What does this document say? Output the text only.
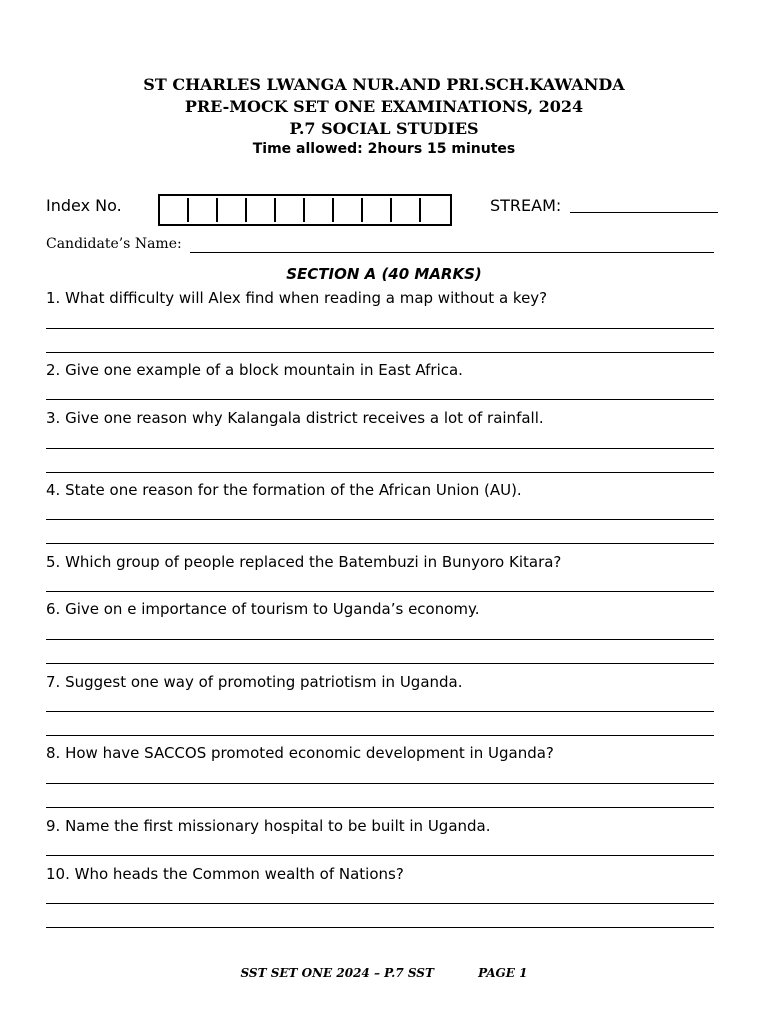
ST CHARLES LWANGA NUR.AND PRI.SCH.KAWANDA
PRE-MOCK SET ONE EXAMINATIONS, 2024
P.7 SOCIAL STUDIES
Time allowed: 2hours 15 minutes
Index No.	STREAM:
Candidate’s Name:
SECTION A (40 MARKS)
1. What difficulty will Alex find when reading a map without a key?
2. Give one example of a block mountain in East Africa.
3. Give one reason why Kalangala district receives a lot of rainfall.
4. State one reason for the formation of the African Union (AU).
5. Which group of people replaced the Batembuzi in Bunyoro Kitara?
6. Give on e importance of tourism to Uganda’s economy.
7. Suggest one way of promoting patriotism in Uganda.
8. How have SACCOS promoted economic development in Uganda?
9. Name the first missionary hospital to be built in Uganda.
10. Who heads the Common wealth of Nations?
SST SET ONE 2024 – P.7 SST	PAGE 1
